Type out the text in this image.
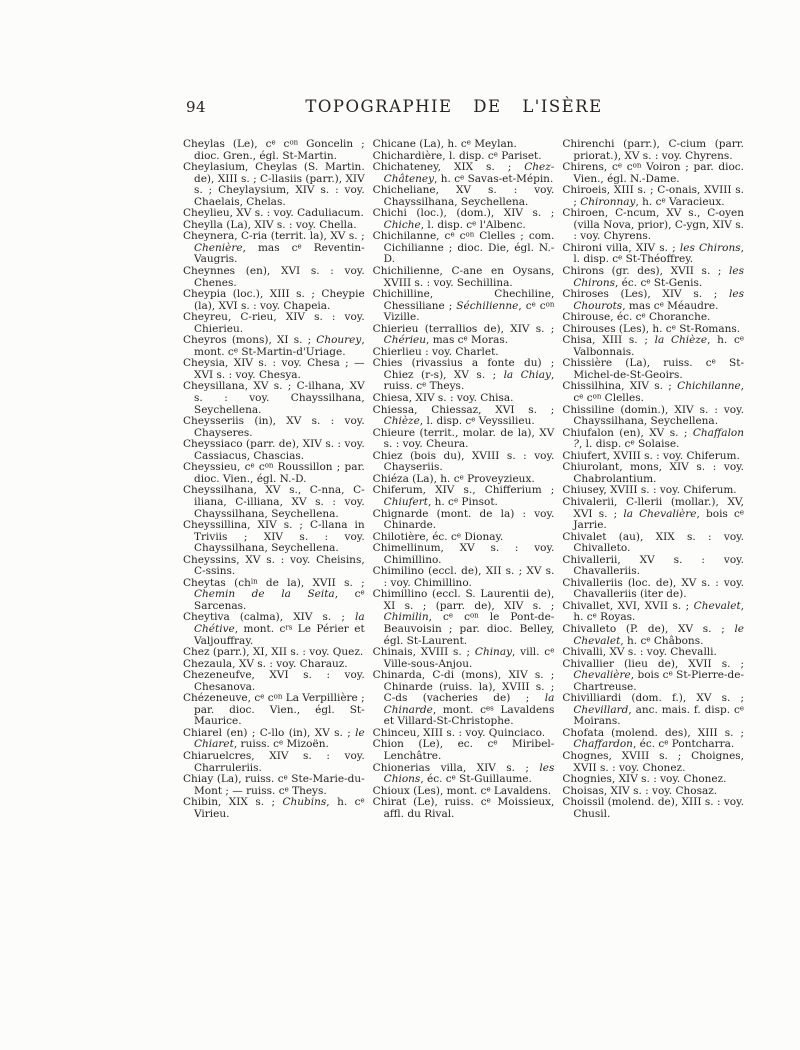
94	TOPOGRAPHIE DE L'ISÈRE
Cheylas (Le), $c^e$ $c^{on}$ Goncelin ; dioc. Gren., égl. St-Martin.
Cheylasium, Cheylas (S. Martin. de), XIII s. ; C-llasiis (parr.), XIV s. ; Cheylaysium, XIV s. : voy. Chaelais, Chelas.
Cheylieu, XV s. : voy. Caduliacum.
Cheylla (La), XIV s. : voy. Chella.
Cheynera, C-ria (territ. la), XV s. ; Chenière, mas $c^e$ Reventin-Vaugris.
Cheynnes (en), XVI s. : voy. Chenes.
Cheypia (loc.), XIII s. ; Cheypie (la), XVI s. : voy. Chapeia.
Cheyreu, C-rieu, XIV s. : voy. Chierieu.
Cheyros (mons), XI s. ; Chourey, mont. $c^e$ St-Martin-d'Uriage.
Cheysia, XIV s. : voy. Chesa ; — XVI s. : voy. Chesya.
Cheysillana, XV s. ; C-ilhana, XV s. : voy. Chayssilhana, Seychellena.
Cheysseriis (in), XV s. : voy. Chayseres.
Cheyssiaco (parr. de), XIV s. : voy. Cassiacus, Chascias.
Cheyssieu, $c^e$ $c^{on}$ Roussillon ; par. dioc. Vien., égl. N.-D.
Cheyssilhana, XV s., C-nna, C-iliana, C-illiana, XV s. : voy. Chayssilhana, Seychellena.
Cheyssillina, XIV s. ; C-llana in Triviis ; XIV s. : voy. Chayssilhana, Seychellena.
Cheyssins, XV s. : voy. Cheisins, C-ssins.
Cheytas ($ch^{in}$ de la), XVII s. ; Chemin de la Seita, $c^e$ Sarcenas.
Cheytiva (calma), XIV s. ; la Chétive, mont. $c^{rs}$ Le Périer et Valjouffray.
Chez (parr.), XI, XII s. : voy. Quez.
Chezaula, XV s. : voy. Charauz.
Chezeneufve, XVI s. : voy. Chesanova.
Chézeneuve, $c^e$ $c^{on}$ La Verpillière ; par. dioc. Vien., égl. St-Maurice.
Chiarel (en) ; C-llo (in), XV s. ; le Chiaret, ruiss. $c^e$ Mizoën.
Chiaruelcres, XIV s. : voy. Charruleriis.
Chiay (La), ruiss. $c^e$ Ste-Marie-du-Mont ; — ruiss. $c^e$ Theys.
Chibin, XIX s. ; Chubins, h. $c^e$ Virieu.
Chicane (La), h. $c^e$ Meylan.
Chichardière, l. disp. $c^e$ Pariset.
Chichateney, XIX s. ; Chez-Châteney, h. $c^e$ Savas-et-Mépin.
Chicheliane, XV s. : voy. Chayssilhana, Seychellena.
Chichi (loc.), (dom.), XIV s. ; Chiche, l. disp. $c^e$ l'Albenc.
Chichilanne, $c^e$ $c^{on}$ Clelles ; com. Cichilianne ; dioc. Die, égl. N.-D.
Chichilienne, C-ane en Oysans, XVIII s. : voy. Sechillina.
Chichilline, Chechiline, Chessiliane ; Séchilienne, $c^e$ $c^{on}$ Vizille.
Chierieu (terrallios de), XIV s. ; Chérieu, mas $c^e$ Moras.
Chierlieu : voy. Charlet.
Chies (rivassius a fonte du) ; Chiez (r-s), XV s. ; la Chiay, ruiss. $c^e$ Theys.
Chiesa, XIV s. : voy. Chisa.
Chiessa, Chiessaz, XVI s. ; Chièze, l. disp. $c^e$ Veyssilieu.
Chieure (territ., molar. de la), XV s. : voy. Cheura.
Chiez (bois du), XVIII s. : voy. Chayseriis.
Chiéza (La), h. $c^e$ Proveyzieux.
Chiferum, XIV s., Chifferium ; Chiufert, h. $c^e$ Pinsot.
Chignarde (mont. de la) : voy. Chinarde.
Chilotière, éc. $c^e$ Dionay.
Chimellinum, XV s. : voy. Chimillino.
Chimilino (eccl. de), XII s. ; XV s. : voy. Chimillino.
Chimillino (eccl. S. Laurentii de), XI s. ; (parr. de), XIV s. ; Chimilin, $c^e$ $c^{on}$ le Pont-de-Beauvoisin ; par. dioc. Belley, égl. St-Laurent.
Chinais, XVIII s. ; Chinay, vill. $c^e$ Ville-sous-Anjou.
Chinarda, C-di (mons), XIV s. ; Chinarde (ruiss. la), XVIII s. ; C-ds (vacheries de) ; la Chinarde, mont. $c^{es}$ Lavaldens et Villard-St-Christophe.
Chinceu, XIII s. : voy. Quinciaco.
Chion (Le), ec. $c^e$ Miribel-Lenchâtre.
Chionerias villa, XIV s. ; les Chions, éc. $c^e$ St-Guillaume.
Chioux (Les), mont. $c^e$ Lavaldens.
Chirat (Le), ruiss. $c^e$ Moissieux, affl. du Rival.
Chirenchi (parr.), C-cium (parr. priorat.), XV s. : voy. Chyrens.
Chirens, $c^e$ $c^{on}$ Voiron ; par. dioc. Vien., égl. N.-Dame.
Chiroeis, XIII s. ; C-onais, XVIII s. ; Chironnay, h. $c^e$ Varacieux.
Chiroen, C-ncum, XV s., C-oyen (villa Nova, prior), C-ygn, XIV s. : voy. Chyrens.
Chironi villa, XIV s. ; les Chirons, l. disp. $c^e$ St-Théoffrey.
Chirons (gr. des), XVII s. ; les Chirons, éc. $c^e$ St-Genis.
Chiroses (Les), XIV s. ; les Chourots, mas $c^e$ Méaudre.
Chirouse, éc. $c^e$ Choranche.
Chirouses (Les), h. $c^e$ St-Romans.
Chisa, XIII s. ; la Chièze, h. $c^e$ Valbonnais.
Chissière (La), ruiss. $c^e$ St-Michel-de-St-Geoirs.
Chissilhina, XIV s. ; Chichilanne, $c^e$ $c^{on}$ Clelles.
Chissiline (domin.), XIV s. : voy. Chayssilhana, Seychellena.
Chiufalon (en), XV s. ; Chaffalon ?, l. disp. $c^e$ Solaise.
Chiufert, XVIII s. : voy. Chiferum.
Chiurolant, mons, XIV s. : voy. Chabrolantium.
Chiusey, XVIII s. : voy. Chiferum.
Chivalerii, C-llerii (mollar.), XV, XVI s. ; la Chevalière, bois $c^e$ Jarrie.
Chivalet (au), XIX s. : voy. Chivalleto.
Chivallerii, XV s. : voy. Chavalleriis.
Chivalleriis (loc. de), XV s. : voy. Chavalleriis (iter de).
Chivallet, XVI, XVII s. ; Chevalet, h. $c^e$ Royas.
Chivalleto (P. de), XV s. ; le Chevalet, h. $c^e$ Châbons.
Chivalli, XV s. : voy. Chevalli.
Chivallier (lieu de), XVII s. ; Chevalière, bois $c^e$ St-Pierre-de-Chartreuse.
Chivilliardi (dom. f.), XV s. ; Chevillard, anc. mais. f. disp. $c^e$ Moirans.
Chofata (molend. des), XIII s. ; Chaffardon, éc. $c^e$ Pontcharra.
Chognes, XVIII s. ; Choignes, XVII s. : voy. Chonez.
Chognies, XIV s. : voy. Chonez.
Choisas, XIV s. : voy. Chosaz.
Choissil (molend. de), XIII s. : voy. Chusil.
